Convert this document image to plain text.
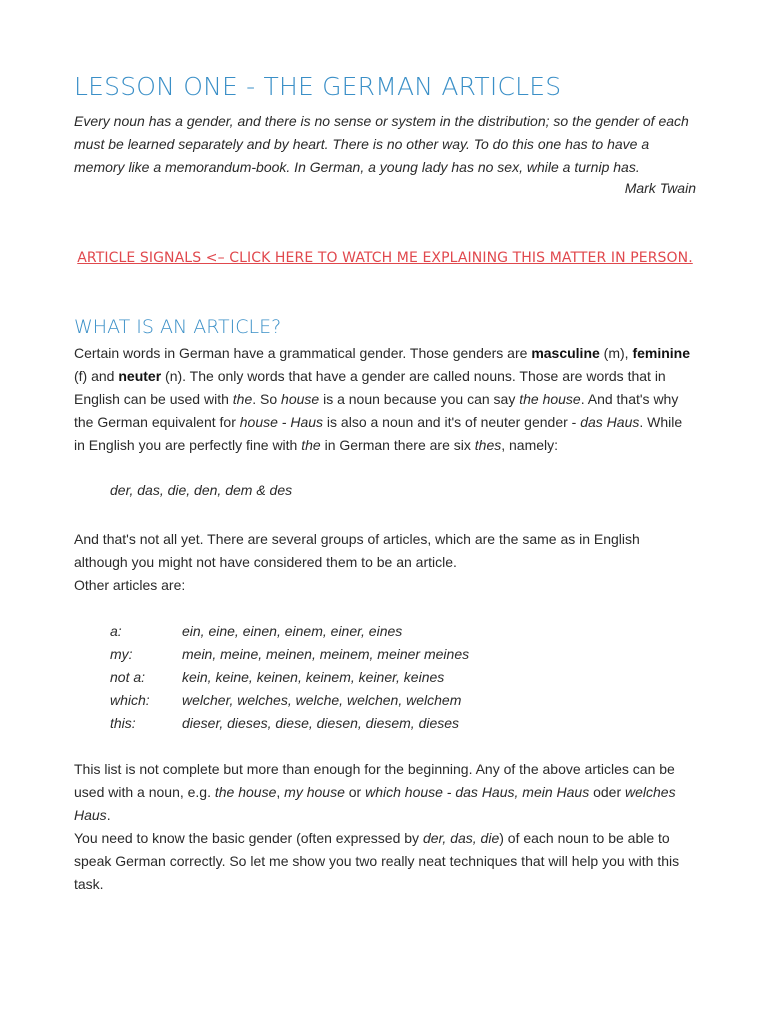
LESSON ONE - THE GERMAN ARTICLES
Every noun has a gender, and there is no sense or system in the distribution; so the gender of each must be learned separately and by heart. There is no other way. To do this one has to have a memory like a memorandum-book. In German, a young lady has no sex, while a turnip has.
Mark Twain
ARTICLE SIGNALS <– CLICK HERE TO WATCH ME EXPLAINING THIS MATTER IN PERSON.
WHAT IS AN ARTICLE?
Certain words in German have a grammatical gender. Those genders are masculine (m), feminine (f) and neuter (n). The only words that have a gender are called nouns. Those are words that in English can be used with the. So house is a noun because you can say the house. And that's why the German equivalent for house - Haus is also a noun and it's of neuter gender - das Haus. While in English you are perfectly fine with the in German there are six thes, namely:
der, das, die, den, dem & des
And that's not all yet. There are several groups of articles, which are the same as in English although you might not have considered them to be an article.
Other articles are:
a:	ein, eine, einen, einem, einer, eines
my:	mein, meine, meinen, meinem, meiner meines
not a:	kein, keine, keinen, keinem, keiner, keines
which:	welcher, welches, welche, welchen, welchem
this:	dieser, dieses, diese, diesen, diesem, dieses
This list is not complete but more than enough for the beginning. Any of the above articles can be used with a noun, e.g. the house, my house or which house - das Haus, mein Haus oder welches Haus.
You need to know the basic gender (often expressed by der, das, die) of each noun to be able to speak German correctly. So let me show you two really neat techniques that will help you with this task.
